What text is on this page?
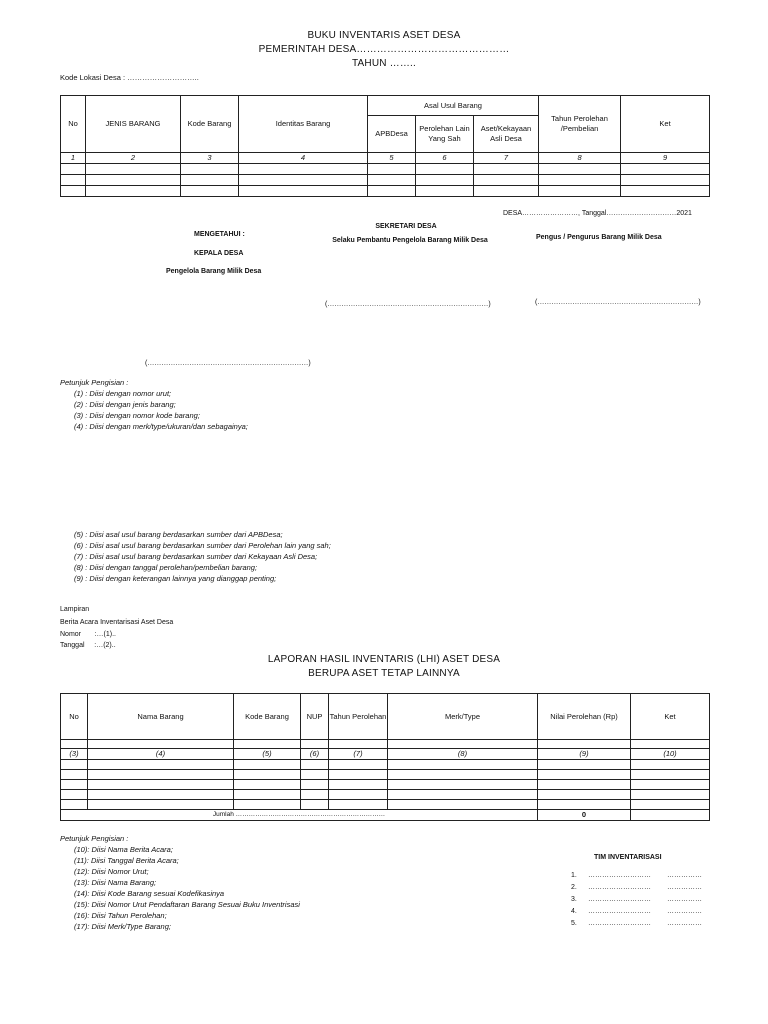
BUKU INVENTARIS ASET DESA
PEMERINTAH DESA………………………………………
TAHUN ……..
Kode Lokasi Desa : ………………………..
No	JENIS BARANG	Kode Barang	Identitas Barang	Asal Usul Barang			Tahun Perolehan /Pembelian	Ket
				APBDesa	Perolehan Lain Yang Sah	Aset/Kekayaan Asli Desa		
1	2	3	4	5	6	7	8	9

DESA……………………, Tanggal…………………………2021
MENGETAHUI :
KEPALA DESA
Pengelola Barang Milik Desa
SEKRETARI DESA
Selaku Pembantu Pengelola Barang Milik Desa	Pengus / Pengurus Barang Milik Desa
(……………………………………………………………)	(……………………………………………………………)
(……………………………………………………………)
Petunjuk Pengisian :
(1) : Diisi dengan nomor urut;
(2) : Diisi dengan jenis barang;
(3) : Diisi dengan nomor kode barang;
(4) : Diisi dengan merk/type/ukuran/dan sebagainya;
(5) : Diisi asal usul barang berdasarkan sumber dari APBDesa;
(6) : Diisi asal usul barang berdasarkan sumber dari Perolehan lain yang sah;
(7) : Diisi asal usul barang berdasarkan sumber dari Kekayaan Asli Desa;
(8) : Diisi dengan tanggal perolehan/pembelian barang;
(9) : Diisi dengan keterangan lainnya yang dianggap penting;
Lampiran
Berita Acara Inventarisasi Aset Desa
Nomor       :…(1)..
Tanggal     :…(2)..
LAPORAN HASIL INVENTARIS (LHI) ASET DESA
BERUPA ASET TETAP LAINNYA
No	Nama Barang	Kode Barang	NUP	Tahun Perolehan	Merk/Type	Nilai Perolehan (Rp)	Ket

(3)	(4)	(5)	(6)	(7)	(8)	(9)	(10)

Jumlah ……………………………………………………………						0	
Petunjuk Pengisian :
(10): Diisi Nama Berita Acara;
(11): Diisi Tanggal Berita Acara;
(12): Diisi Nomor Urut;
(13): Diisi Nama Barang;
(14): Diisi Kode Barang sesuai Kodefikasinya
(15): Diisi Nomor Urut Pendaftaran Barang Sesuai Buku Inventrisasi
(16): Diisi Tahun Perolehan;
(17): Diisi Merk/Type Barang;
TIM INVENTARISASI
1. ……………………… ……………
2. ……………………… ……………
3. ……………………… ……………
4. ……………………… ……………
5. ……………………… ……………
